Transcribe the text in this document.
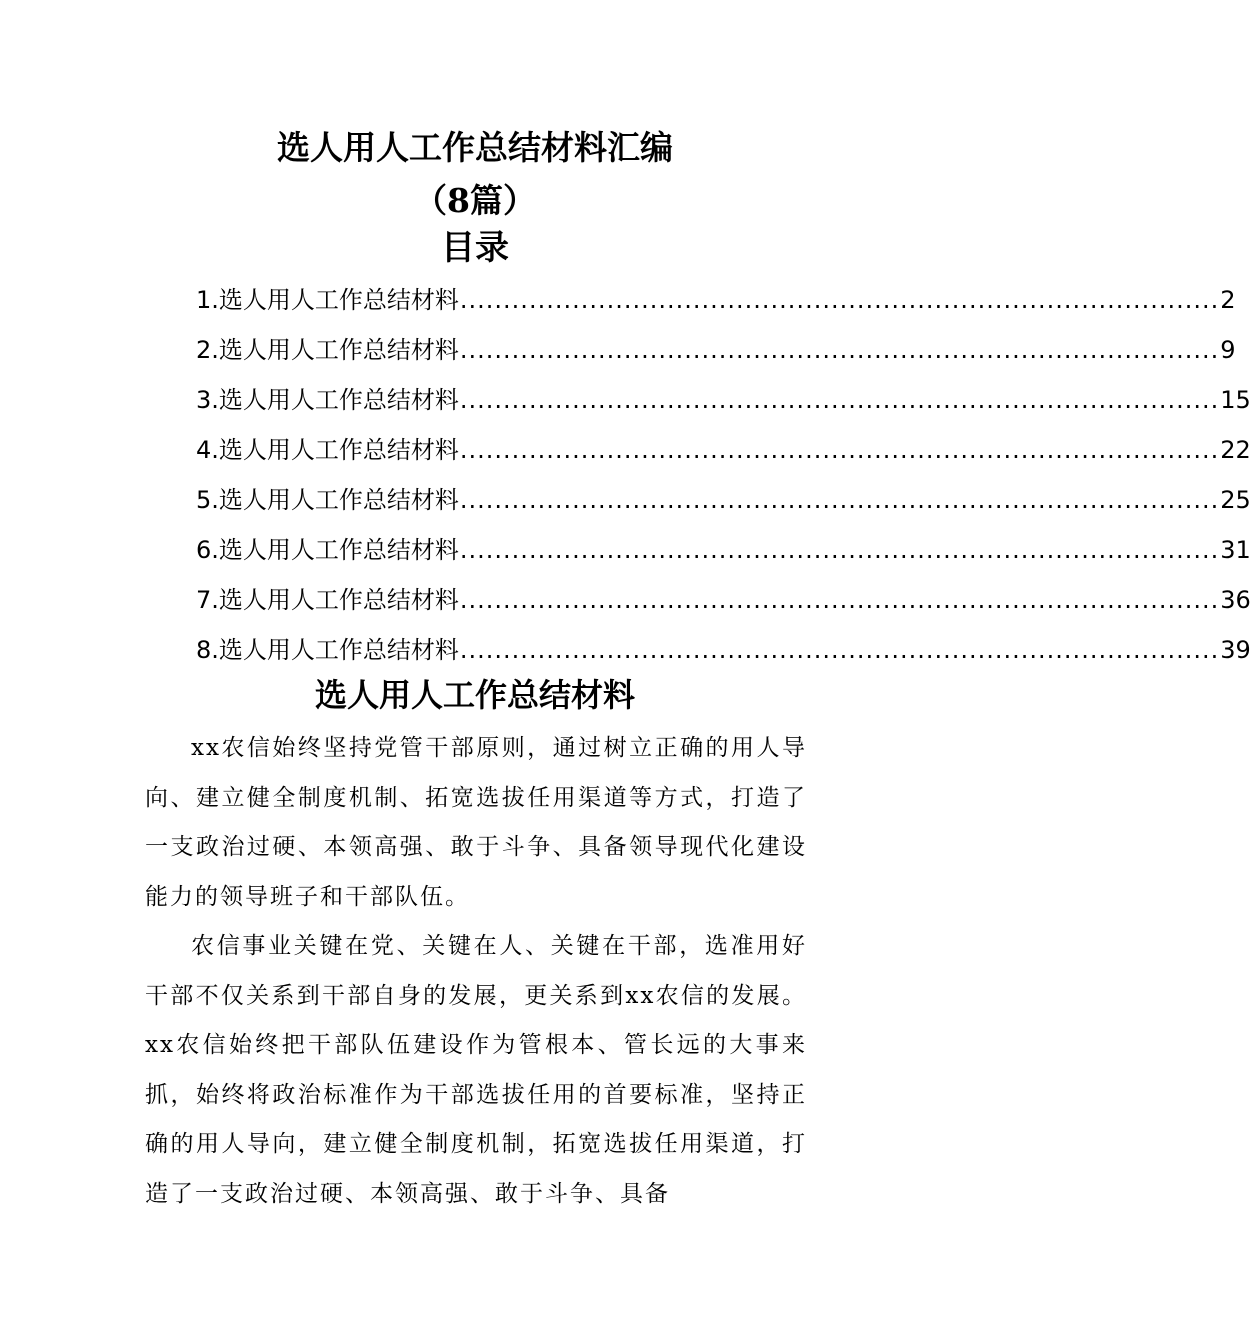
选人用人工作总结材料汇编
（8篇）
目录
1.选人用人工作总结材料 ........................................................................................ 2
2.选人用人工作总结材料 ........................................................................................ 9
3.选人用人工作总结材料 ........................................................................................ 15
4.选人用人工作总结材料 ........................................................................................ 22
5.选人用人工作总结材料 ........................................................................................ 25
6.选人用人工作总结材料 ........................................................................................ 31
7.选人用人工作总结材料 ........................................................................................ 36
8.选人用人工作总结材料 ........................................................................................ 39
选人用人工作总结材料

xx农信始终坚持党管干部原则，通过树立正确的用人导向、建立健全制度机制、拓宽选拔任用渠道等方式，打造了一支政治过硬、本领高强、敢于斗争、具备领导现代化建设能力的领导班子和干部队伍。

农信事业关键在党、关键在人、关键在干部，选准用好干部不仅关系到干部自身的发展，更关系到xx农信的发展。xx农信始终把干部队伍建设作为管根本、管长远的大事来抓，始终将政治标准作为干部选拔任用的首要标准，坚持正确的用人导向，建立健全制度机制，拓宽选拔任用渠道，打造了一支政治过硬、本领高强、敢于斗争、具备
